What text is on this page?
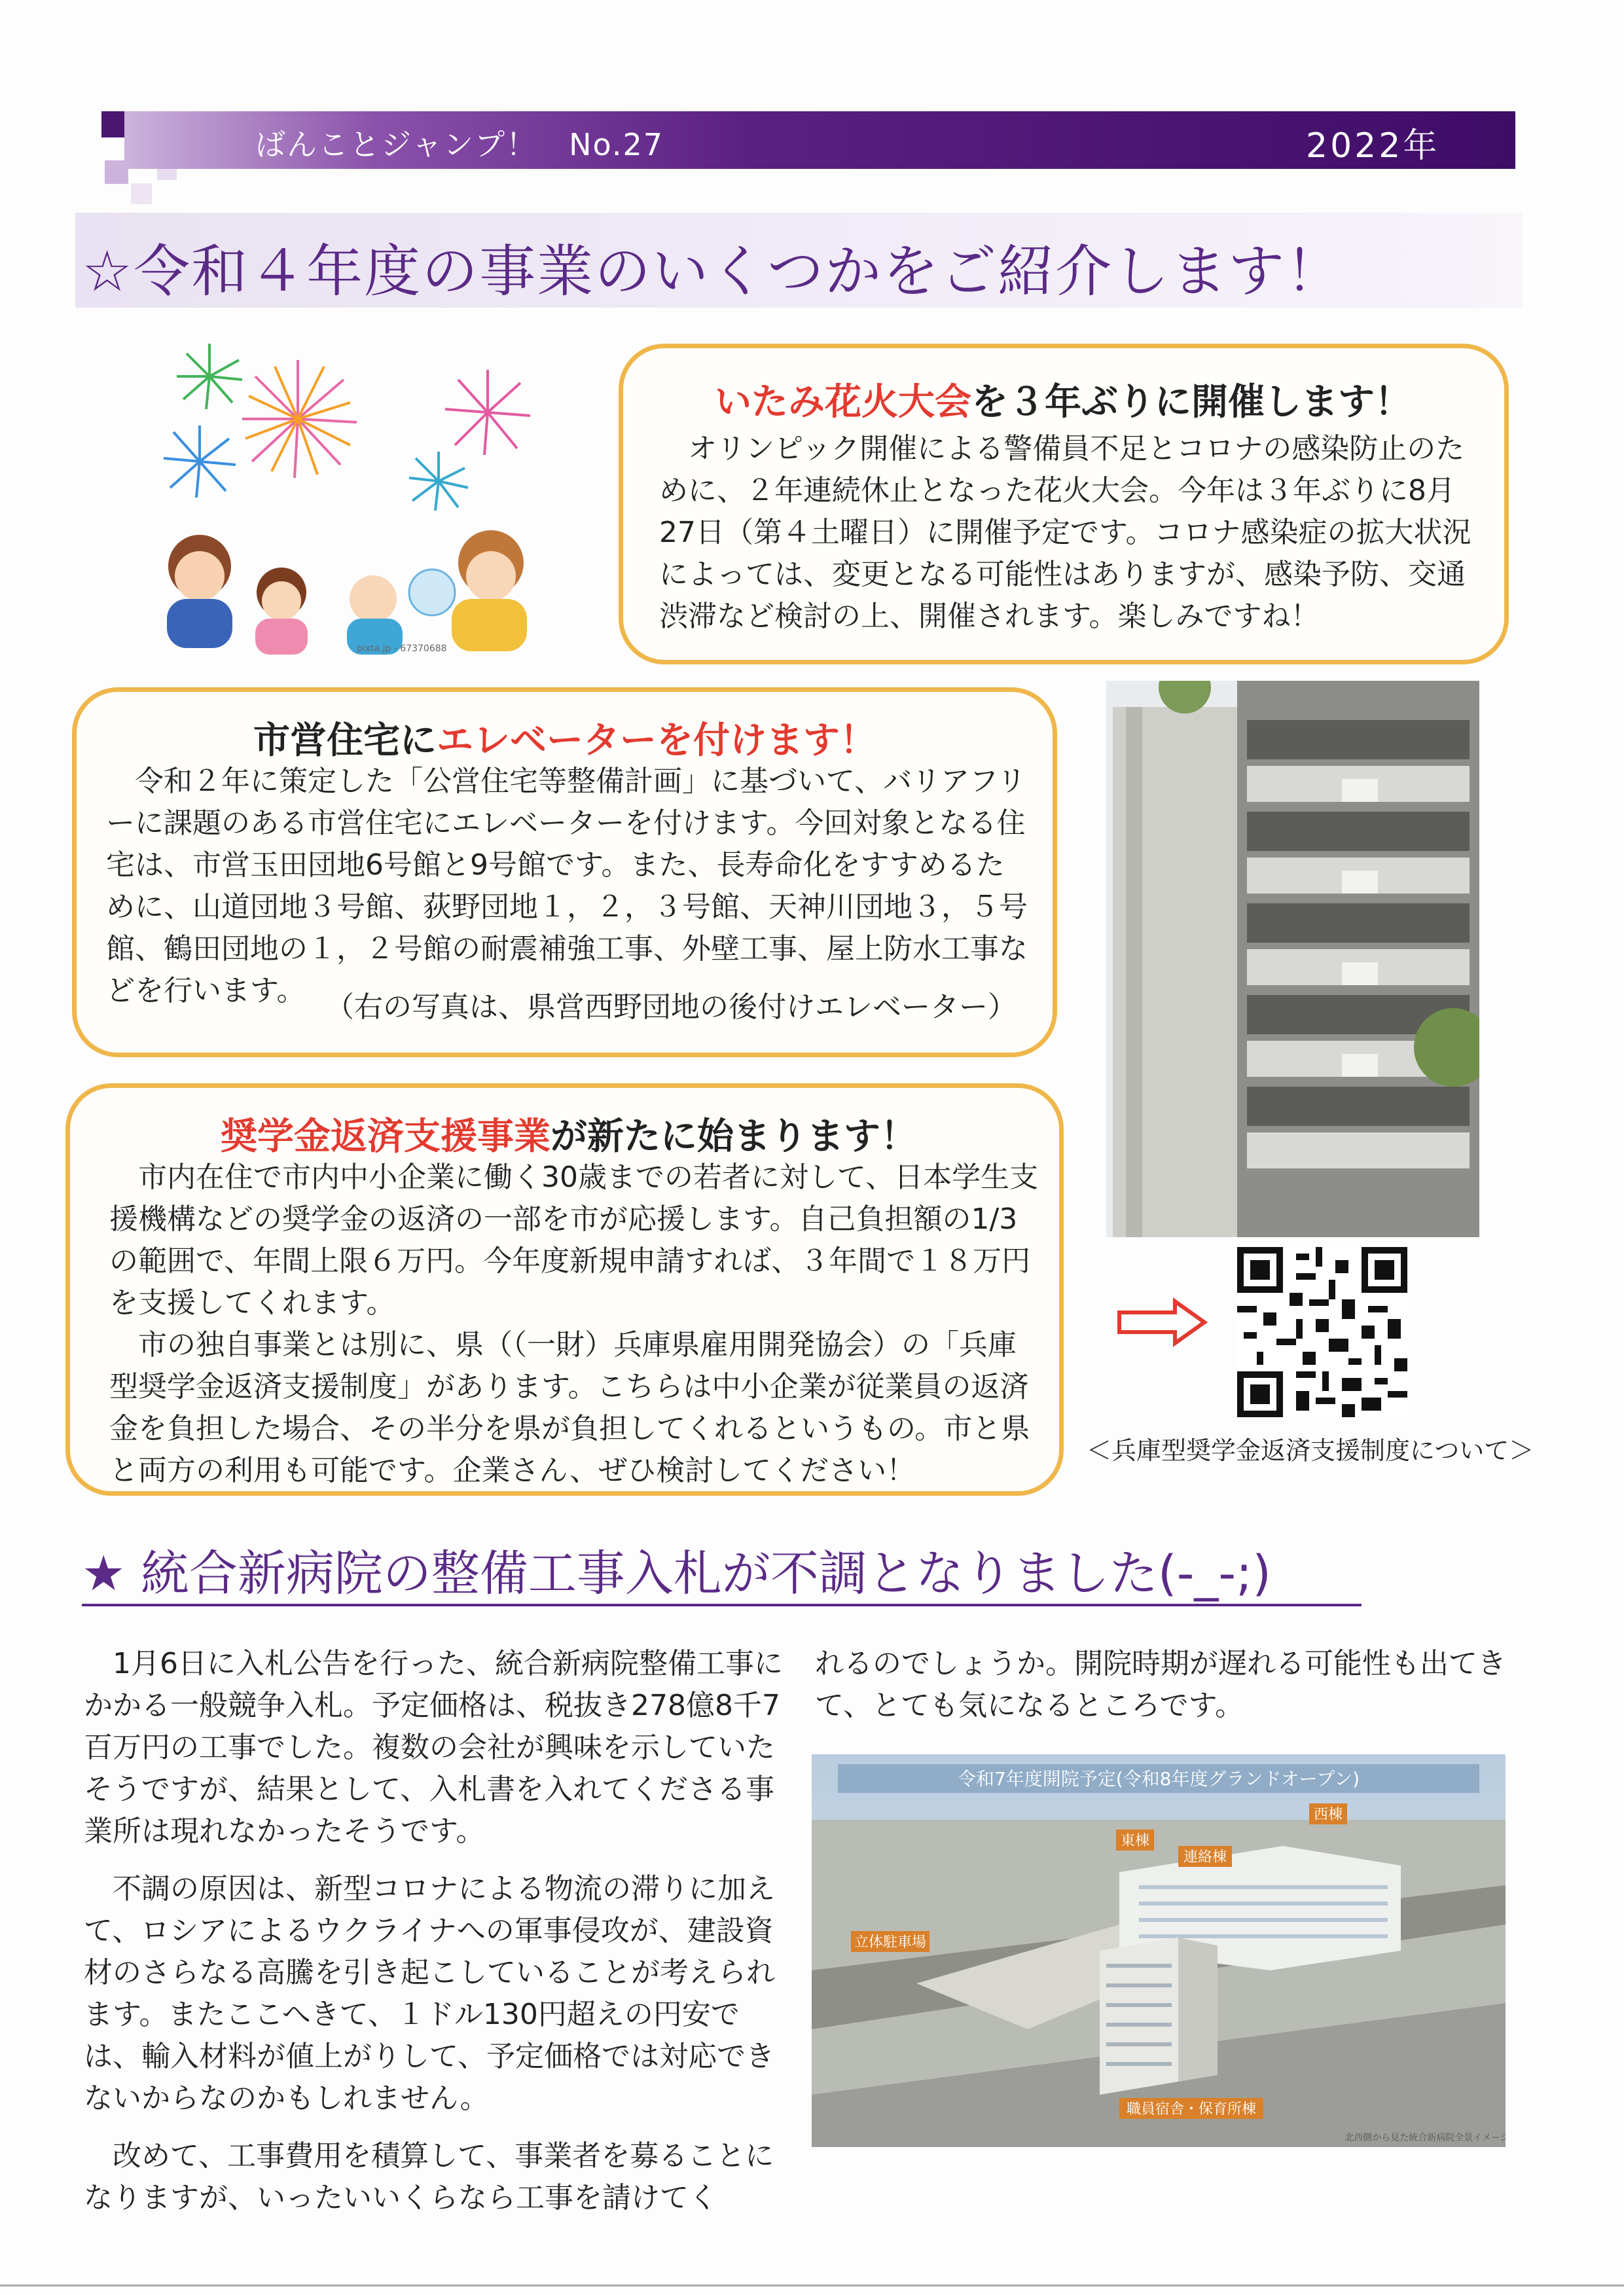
ばんことジャンプ！　No.27	2022年
☆令和４年度の事業のいくつかをご紹介します！
pixta.jp - 67370688
いたみ花火大会を３年ぶりに開催します！
オリンピック開催による警備員不足とコロナの感染防止のために、２年連続休止となった花火大会。今年は３年ぶりに8月27日（第４土曜日）に開催予定です。コロナ感染症の拡大状況によっては、変更となる可能性はありますが、感染予防、交通渋滞など検討の上、開催されます。楽しみですね！
市営住宅にエレベーターを付けます！
令和２年に策定した「公営住宅等整備計画」に基づいて、バリアフリーに課題のある市営住宅にエレベーターを付けます。今回対象となる住宅は、市営玉田団地6号館と9号館です。また、長寿命化をすすめるために、山道団地３号館、荻野団地１，２，３号館、天神川団地３，５号館、鶴田団地の１，２号館の耐震補強工事、外壁工事、屋上防水工事などを行います。 （右の写真は、県営西野団地の後付けエレベーター）
奨学金返済支援事業が新たに始まります！

市内在住で市内中小企業に働く30歳までの若者に対して、日本学生支援機構などの奨学金の返済の一部を市が応援します。自己負担額の1/3の範囲で、年間上限６万円。今年度新規申請すれば、３年間で１８万円を支援してくれます。

市の独自事業とは別に、県（（一財）兵庫県雇用開発協会）の「兵庫型奨学金返済支援制度」があります。こちらは中小企業が従業員の返済金を負担した場合、その半分を県が負担してくれるというもの。市と県と両方の利用も可能です。企業さん、ぜひ検討してください！

＜兵庫型奨学金返済支援制度について＞
★ 統合新病院の整備工事入札が不調となりました(-_-;)

1月6日に入札公告を行った、統合新病院整備工事にかかる一般競争入札。予定価格は、税抜き278億8千7百万円の工事でした。複数の会社が興味を示していたそうですが、結果として、入札書を入れてくださる事業所は現れなかったそうです。

不調の原因は、新型コロナによる物流の滞りに加えて、ロシアによるウクライナへの軍事侵攻が、建設資材のさらなる高騰を引き起こしていることが考えられます。またここへきて、１ドル130円超えの円安では、輸入材料が値上がりして、予定価格では対応できないからなのかもしれません。

改めて、工事費用を積算して、事業者を募ることになりますが、いったいいくらなら工事を請けてく

れるのでしょうか。開院時期が遅れる可能性も出てきて、とても気になるところです。
令和7年度開院予定(令和8年度グランドオープン)
東棟
連絡棟
西棟
立体駐車場
職員宿舎・保育所棟
北西側から見た統合新病院全景イメージ
